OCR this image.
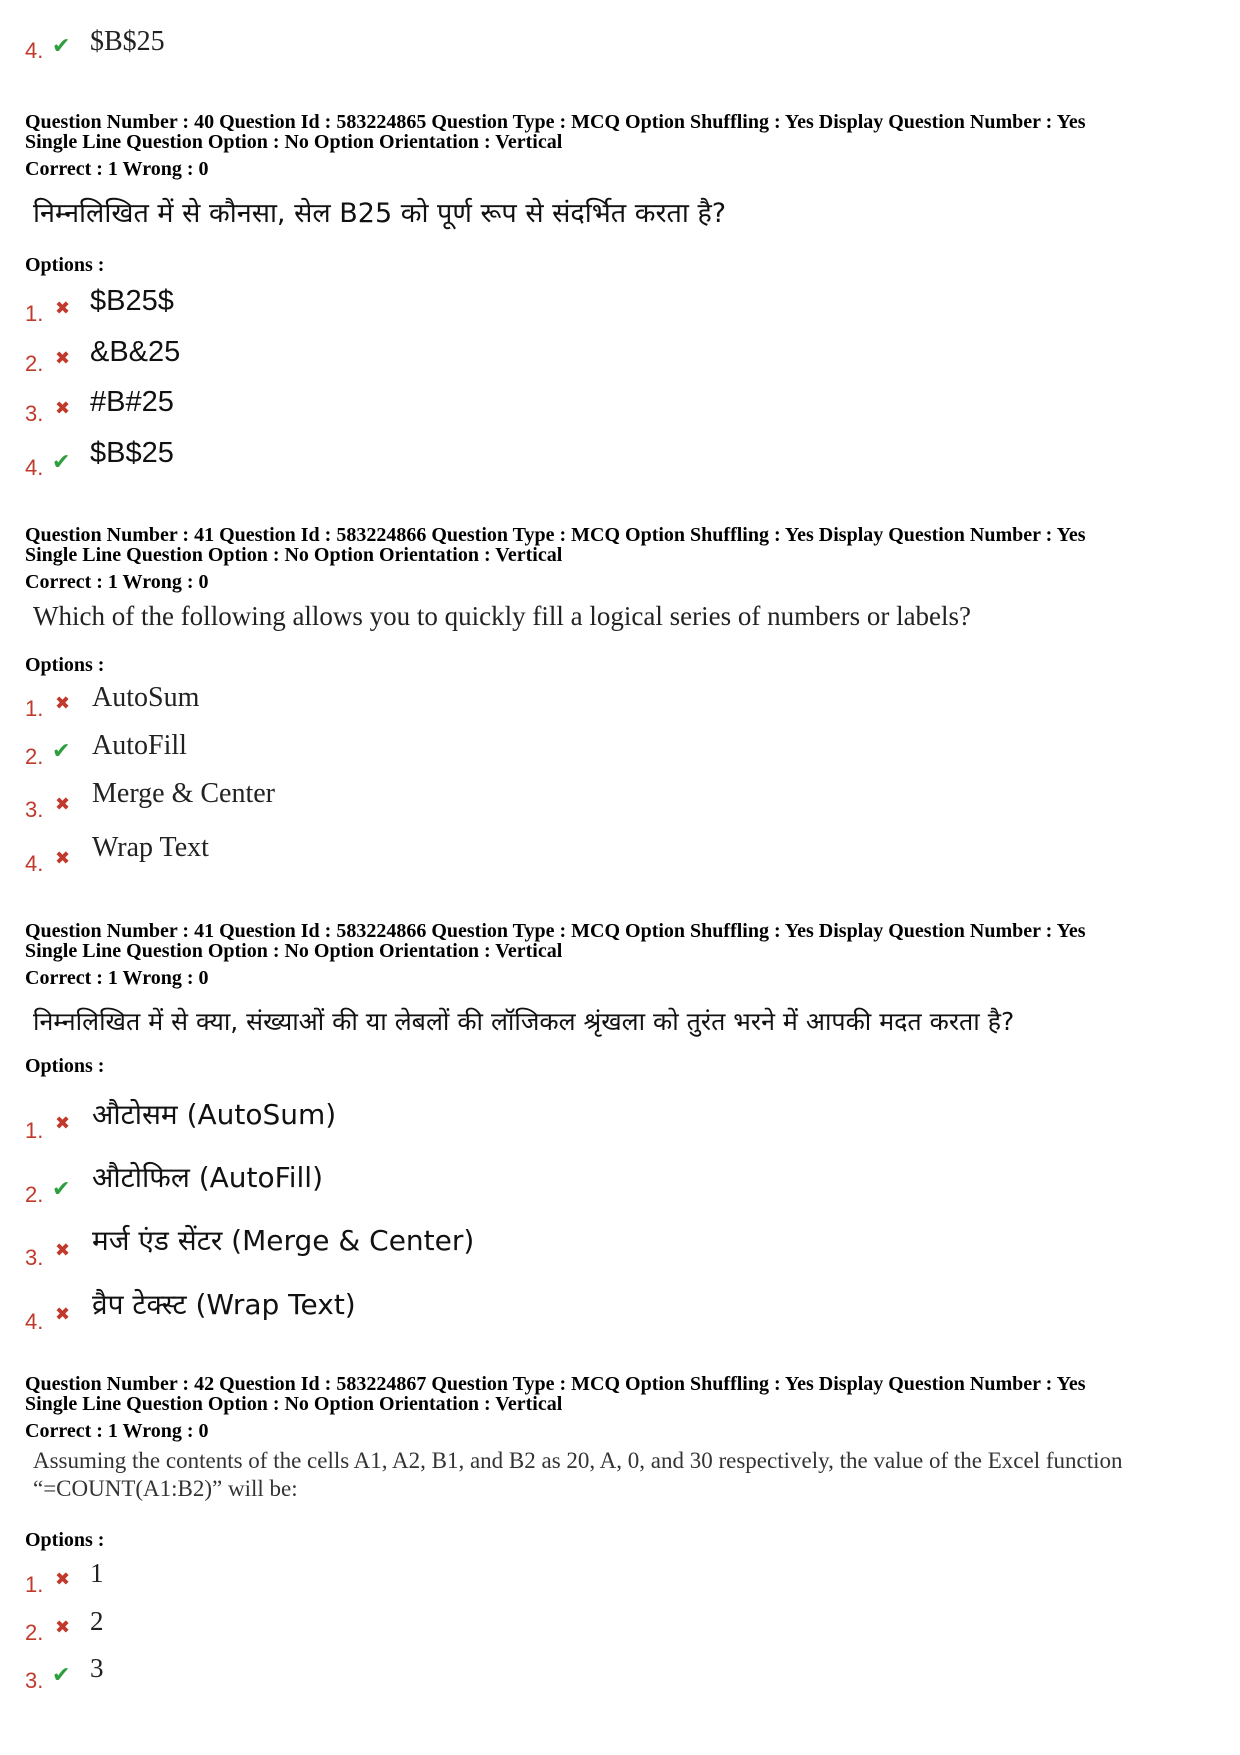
4. ✔ $B$25
Question Number : 40 Question Id : 583224865 Question Type : MCQ Option Shuffling : Yes Display Question Number : Yes
Single Line Question Option : No Option Orientation : Vertical
Correct : 1 Wrong : 0
निम्नलिखित में से कौनसा, सेल B25 को पूर्ण रूप से संदर्भित करता है?
Options :
1. ✖ $B25$
2. ✖ &B&25
3. ✖ #B#25
4. ✔ $B$25
Question Number : 41 Question Id : 583224866 Question Type : MCQ Option Shuffling : Yes Display Question Number : Yes
Single Line Question Option : No Option Orientation : Vertical
Correct : 1 Wrong : 0
Which of the following allows you to quickly fill a logical series of numbers or labels?
Options :
1. ✖ AutoSum
2. ✔ AutoFill
3. ✖ Merge & Center
4. ✖ Wrap Text
Question Number : 41 Question Id : 583224866 Question Type : MCQ Option Shuffling : Yes Display Question Number : Yes
Single Line Question Option : No Option Orientation : Vertical
Correct : 1 Wrong : 0
निम्नलिखित में से क्या, संख्याओं की या लेबलों की लॉजिकल श्रृंखला को तुरंत भरने में आपकी मदत करता है?
Options :
1. ✖ औटोसम (AutoSum)
2. ✔ औटोफिल (AutoFill)
3. ✖ मर्ज एंड सेंटर (Merge & Center)
4. ✖ व्रैप टेक्स्ट (Wrap Text)
Question Number : 42 Question Id : 583224867 Question Type : MCQ Option Shuffling : Yes Display Question Number : Yes
Single Line Question Option : No Option Orientation : Vertical
Correct : 1 Wrong : 0
Assuming the contents of the cells A1, A2, B1, and B2 as 20, A, 0, and 30 respectively, the value of the Excel function
“=COUNT(A1:B2)” will be:
Options :
1. ✖ 1
2. ✖ 2
3. ✔ 3
